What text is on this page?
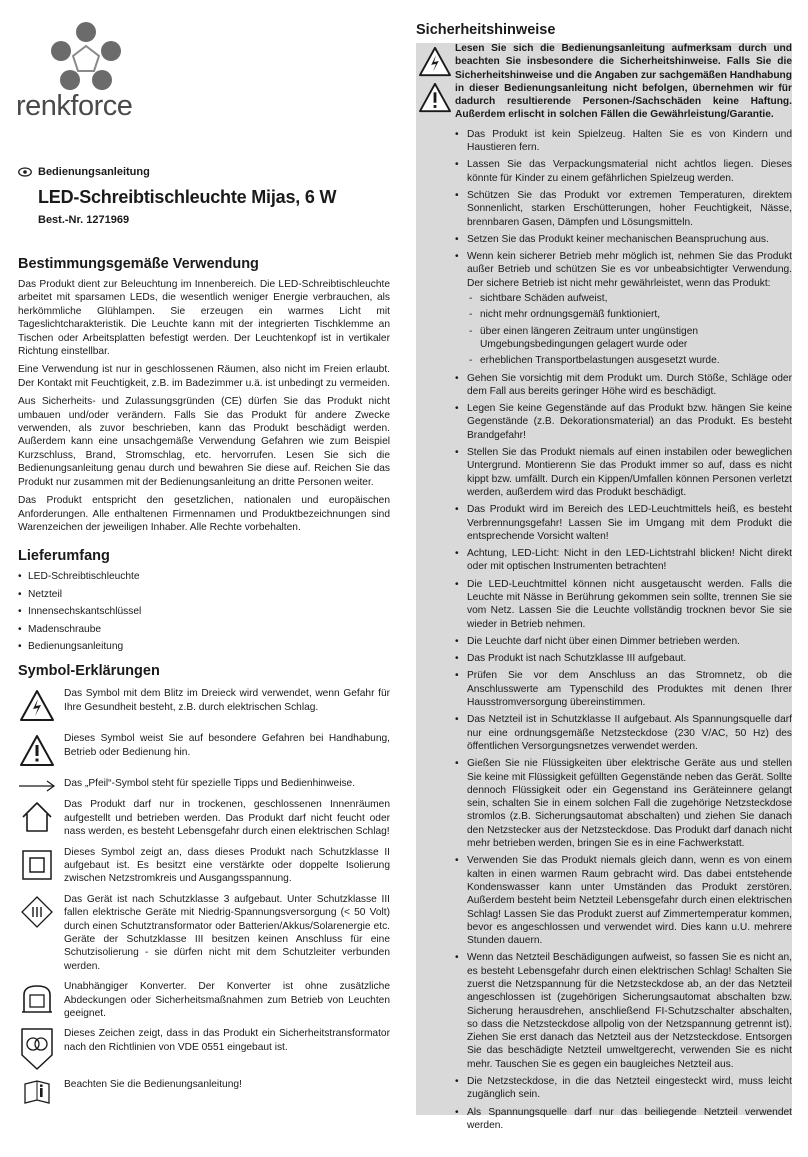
renkforce
Bedienungsanleitung
LED-Schreibtischleuchte Mijas, 6 W
Best.-Nr. 1271969
Bestimmungsgemäße Verwendung

Das Produkt dient zur Beleuchtung im Innenbereich. Die LED-Schreibtischleuchte arbeitet mit sparsamen LEDs, die wesentlich weniger Energie verbrauchen, als herkömmliche Glühlampen. Sie erzeugen ein warmes Licht mit Tageslichtcharakteristik. Die Leuchte kann mit der integrierten Tischklemme an Tischen oder Arbeitsplatten befestigt werden. Der Leuchtenkopf ist in vertikaler Richtung einstellbar.

Eine Verwendung ist nur in geschlossenen Räumen, also nicht im Freien erlaubt. Der Kontakt mit Feuchtigkeit, z.B. im Badezimmer u.ä. ist unbedingt zu vermeiden.

Aus Sicherheits- und Zulassungsgründen (CE) dürfen Sie das Produkt nicht umbauen und/oder verändern. Falls Sie das Produkt für andere Zwecke verwenden, als zuvor beschrieben, kann das Produkt beschädigt werden. Außerdem kann eine unsachgemäße Verwendung Gefahren wie zum Beispiel Kurzschluss, Brand, Stromschlag, etc. hervorrufen. Lesen Sie sich die Bedienungsanleitung genau durch und bewahren Sie diese auf. Reichen Sie das Produkt nur zusammen mit der Bedienungsanleitung an dritte Personen weiter.

Das Produkt entspricht den gesetzlichen, nationalen und europäischen Anforderungen. Alle enthaltenen Firmennamen und Produktbezeichnungen sind Warenzeichen der jeweiligen Inhaber. Alle Rechte vorbehalten.

Lieferumfang
• LED-Schreibtischleuchte
• Netzteil
• Innensechskantschlüssel
• Madenschraube
• Bedienungsanleitung
Symbol-Erklärungen
Das Symbol mit dem Blitz im Dreieck wird verwendet, wenn Gefahr für Ihre Gesundheit besteht, z.B. durch elektrischen Schlag.
Dieses Symbol weist Sie auf besondere Gefahren bei Handhabung, Betrieb oder Bedienung hin.
Das „Pfeil“-Symbol steht für spezielle Tipps und Bedienhinweise.
Das Produkt darf nur in trockenen, geschlossenen Innenräumen aufgestellt und betrieben werden. Das Produkt darf nicht feucht oder nass werden, es besteht Lebensgefahr durch einen elektrischen Schlag!
Dieses Symbol zeigt an, dass dieses Produkt nach Schutzklasse II aufgebaut ist. Es besitzt eine verstärkte oder doppelte Isolierung zwischen Netzstromkreis und Ausgangsspannung.
Das Gerät ist nach Schutzklasse 3 aufgebaut. Unter Schutzklasse III fallen elektrische Geräte mit Niedrig-Spannungsversorgung (< 50 Volt) durch einen Schutztransformator oder Batterien/Akkus/Solarenergie etc. Geräte der Schutzklasse III besitzen keinen Anschluss für eine Schutzisolierung - sie dürfen nicht mit dem Schutzleiter verbunden werden.
Unabhängiger Konverter. Der Konverter ist ohne zusätzliche Abdeckungen oder Sicherheitsmaßnahmen zum Betrieb von Leuchten geeignet.
Dieses Zeichen zeigt, dass in das Produkt ein Sicherheitstransformator nach den Richtlinien von VDE 0551 eingebaut ist.
Beachten Sie die Bedienungsanleitung!
Sicherheitshinweise

Lesen Sie sich die Bedienungsanleitung aufmerksam durch und beachten Sie insbesondere die Sicherheitshinweise. Falls Sie die Sicherheitshinweise und die Angaben zur sachgemäßen Handhabung in dieser Bedienungsanleitung nicht befolgen, übernehmen wir für dadurch resultierende Personen-/Sachschäden keine Haftung. Außerdem erlischt in solchen Fällen die Gewährleistung/Garantie.

• Das Produkt ist kein Spielzeug. Halten Sie es von Kindern und Haustieren fern.
• Lassen Sie das Verpackungsmaterial nicht achtlos liegen. Dieses könnte für Kinder zu einem gefährlichen Spielzeug werden.
• Schützen Sie das Produkt vor extremen Temperaturen, direktem Sonnenlicht, starken Erschütterungen, hoher Feuchtigkeit, Nässe, brennbaren Gasen, Dämpfen und Lösungsmitteln.
• Setzen Sie das Produkt keiner mechanischen Beanspruchung aus.
• Wenn kein sicherer Betrieb mehr möglich ist, nehmen Sie das Produkt außer Betrieb und schützen Sie es vor unbeabsichtigter Verwendung. Der sichere Betrieb ist nicht mehr gewährleistet, wenn das Produkt:
- sichtbare Schäden aufweist,
- nicht mehr ordnungsgemäß funktioniert,
- über einen längeren Zeitraum unter ungünstigen Umgebungsbedingungen gelagert wurde oder
- erheblichen Transportbelastungen ausgesetzt wurde.
• Gehen Sie vorsichtig mit dem Produkt um. Durch Stöße, Schläge oder dem Fall aus bereits geringer Höhe wird es beschädigt.
• Legen Sie keine Gegenstände auf das Produkt bzw. hängen Sie keine Gegenstände (z.B. Dekorationsmaterial) an das Produkt. Es besteht Brandgefahr!
• Stellen Sie das Produkt niemals auf einen instabilen oder beweglichen Untergrund. Montierenn Sie das Produkt immer so auf, dass es nicht kippt bzw. umfällt. Durch ein Kippen/Umfallen können Personen verletzt werden, außerdem wird das Produkt beschädigt.
• Das Produkt wird im Bereich des LED-Leuchtmittels heiß, es besteht Verbrennungsgefahr! Lassen Sie im Umgang mit dem Produkt die entsprechende Vorsicht walten!
• Achtung, LED-Licht: Nicht in den LED-Lichtstrahl blicken! Nicht direkt oder mit optischen Instrumenten betrachten!
• Die LED-Leuchtmittel können nicht ausgetauscht werden. Falls die Leuchte mit Nässe in Berührung gekommen sein sollte, trennen Sie sie vom Netz. Lassen Sie die Leuchte vollständig trocknen bevor Sie sie wieder in Betrieb nehmen.
• Die Leuchte darf nicht über einen Dimmer betrieben werden.
• Das Produkt ist nach Schutzklasse III aufgebaut.
• Prüfen Sie vor dem Anschluss an das Stromnetz, ob die Anschlusswerte am Typenschild des Produktes mit denen Ihrer Hausstromversorgung übereinstimmen.
• Das Netzteil ist in Schutzklasse II aufgebaut. Als Spannungsquelle darf nur eine ordnungsgemäße Netzsteckdose (230 V/AC, 50 Hz) des öffentlichen Versorgungsnetzes verwendet werden.
• Gießen Sie nie Flüssigkeiten über elektrische Geräte aus und stellen Sie keine mit Flüssigkeit gefüllten Gegenstände neben das Gerät. Sollte dennoch Flüssigkeit oder ein Gegenstand ins Geräteinnere gelangt sein, schalten Sie in einem solchen Fall die zugehörige Netzsteckdose stromlos (z.B. Sicherungsautomat abschalten) und ziehen Sie danach den Netzstecker aus der Netzsteckdose. Das Produkt darf danach nicht mehr betrieben werden, bringen Sie es in eine Fachwerkstatt.
• Verwenden Sie das Produkt niemals gleich dann, wenn es von einem kalten in einen warmen Raum gebracht wird. Das dabei entstehende Kondenswasser kann unter Umständen das Produkt zerstören. Außerdem besteht beim Netzteil Lebensgefahr durch einen elektrischen Schlag! Lassen Sie das Produkt zuerst auf Zimmertemperatur kommen, bevor es angeschlossen und verwendet wird. Dies kann u.U. mehrere Stunden dauern.
• Wenn das Netzteil Beschädigungen aufweist, so fassen Sie es nicht an, es besteht Lebensgefahr durch einen elektrischen Schlag! Schalten Sie zuerst die Netzspannung für die Netzsteckdose ab, an der das Netzteil angeschlossen ist (zugehörigen Sicherungsautomat abschalten bzw. Sicherung herausdrehen, anschließend FI-Schutzschalter abschalten, so dass die Netzsteckdose allpolig von der Netzspannung getrennt ist). Ziehen Sie erst danach das Netzteil aus der Netzsteckdose. Entsorgen Sie das beschädigte Netzteil umweltgerecht, verwenden Sie es nicht mehr. Tauschen Sie es gegen ein baugleiches Netzteil aus.
• Die Netzsteckdose, in die das Netzteil eingesteckt wird, muss leicht zugänglich sein.
• Als Spannungsquelle darf nur das beiliegende Netzteil verwendet werden.
